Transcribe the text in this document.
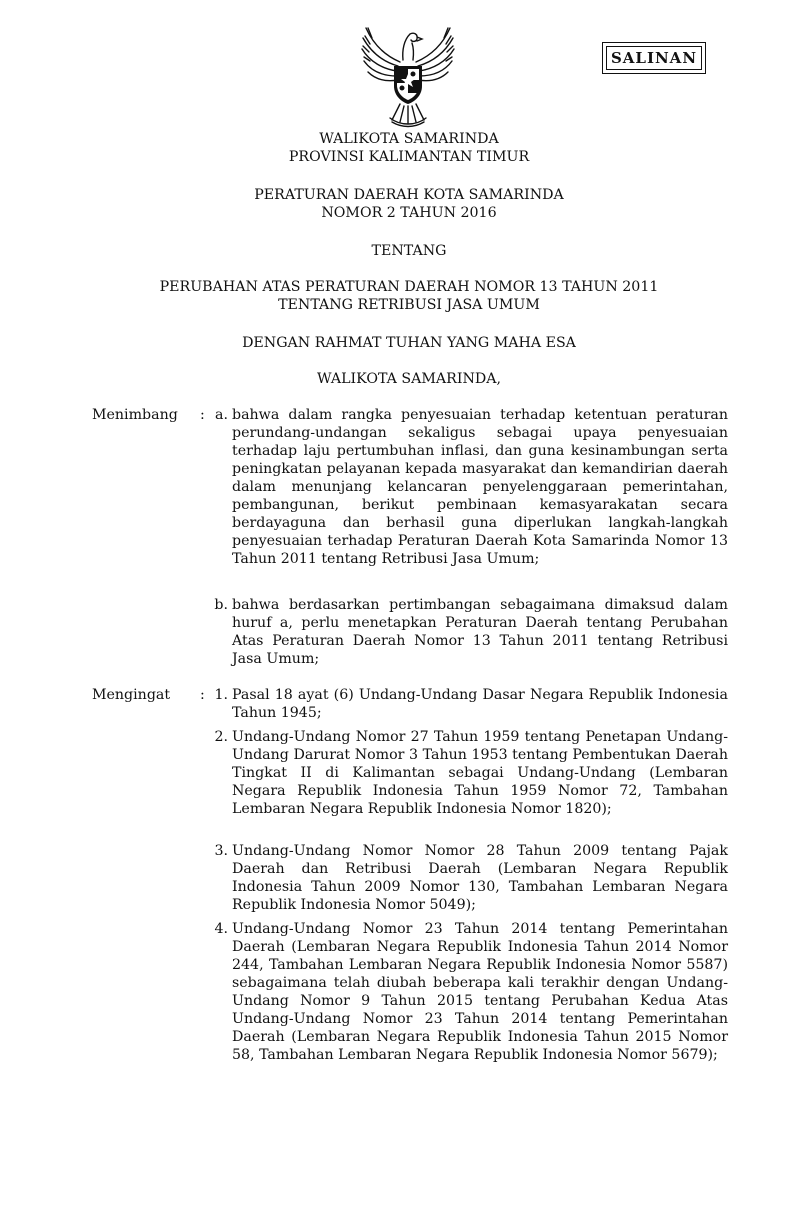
SALINAN
WALIKOTA SAMARINDA
PROVINSI KALIMANTAN TIMUR
PERATURAN DAERAH KOTA SAMARINDA
NOMOR 2 TAHUN 2016
TENTANG
PERUBAHAN ATAS PERATURAN DAERAH NOMOR 13 TAHUN 2011
TENTANG RETRIBUSI JASA UMUM
DENGAN RAHMAT TUHAN YANG MAHA ESA
WALIKOTA SAMARINDA,
Menimbang : a. bahwa dalam rangka penyesuaian terhadap ketentuan peraturan perundang-undangan sekaligus sebagai upaya penyesuaian terhadap laju pertumbuhan inflasi, dan guna kesinambungan serta peningkatan pelayanan kepada masyarakat dan kemandirian daerah dalam menunjang kelancaran penyelenggaraan pemerintahan, pembangunan, berikut pembinaan kemasyarakatan secara berdayaguna dan berhasil guna diperlukan langkah-langkah penyesuaian terhadap Peraturan Daerah Kota Samarinda Nomor 13 Tahun 2011 tentang Retribusi Jasa Umum;
b. bahwa berdasarkan pertimbangan sebagaimana dimaksud dalam huruf a, perlu menetapkan Peraturan Daerah tentang Perubahan Atas Peraturan Daerah Nomor 13 Tahun 2011 tentang Retribusi Jasa Umum;
Mengingat : 1. Pasal 18 ayat (6) Undang-Undang Dasar Negara Republik Indonesia Tahun 1945;
2. Undang-Undang Nomor 27 Tahun 1959 tentang Penetapan Undang-Undang Darurat Nomor 3 Tahun 1953 tentang Pembentukan Daerah Tingkat II di Kalimantan sebagai Undang-Undang (Lembaran Negara Republik Indonesia Tahun 1959 Nomor 72, Tambahan Lembaran Negara Republik Indonesia Nomor 1820);
3. Undang-Undang Nomor Nomor 28 Tahun 2009 tentang Pajak Daerah dan Retribusi Daerah (Lembaran Negara Republik Indonesia Tahun 2009 Nomor 130, Tambahan Lembaran Negara Republik Indonesia Nomor 5049);
4. Undang-Undang Nomor 23 Tahun 2014 tentang Pemerintahan Daerah (Lembaran Negara Republik Indonesia Tahun 2014 Nomor 244, Tambahan Lembaran Negara Republik Indonesia Nomor 5587) sebagaimana telah diubah beberapa kali terakhir dengan Undang-Undang Nomor 9 Tahun 2015 tentang Perubahan Kedua Atas Undang-Undang Nomor 23 Tahun 2014 tentang Pemerintahan Daerah (Lembaran Negara Republik Indonesia Tahun 2015 Nomor 58, Tambahan Lembaran Negara Republik Indonesia Nomor 5679);
